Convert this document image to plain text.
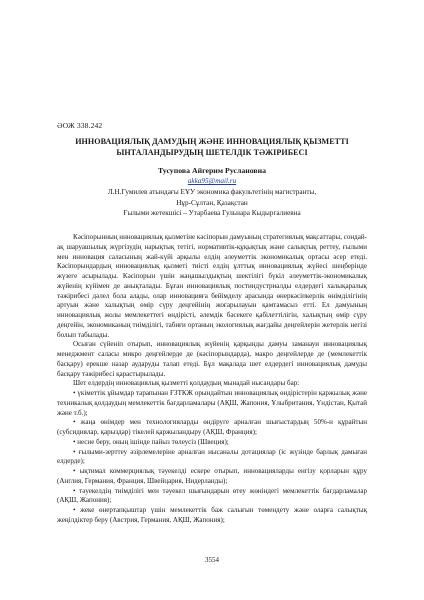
ӘОЖ 338.242
ИННОВАЦИЯЛЫҚ ДАМУДЫҢ ЖӘНЕ ИННОВАЦИЯЛЫҚ ҚЫЗМЕТТІ
ЫНТАЛАНДЫРУДЫҢ ШЕТЕЛДІК ТӘЖІРИБЕСІ
Тусупова Айгерим Руслановна
akka95@mail.ru
Л.Н.Гумилев атындағы ЕҰУ экономика факультетінің магистранты,
Нұр-Сұлтан, Қазақстан
Ғылыми жетекшісі – Утарбаева Гульнара Кыдыргалиевна

Кәсіпорынның инновациялық қызметіне кәсіпорын дамуының стратегиялық мақсаттары, сондай-ақ шаруашылық жүргізудің нарықтық тетігі, нормативтік-құқықтық және салықтық реттеу, ғылыми мен инновация саласының жай-күйі арқылы елдің әлеуметтік экономикалық ортасы әсер етеді. Кәсіпорындардың инновациялық қызметі тиісті елдің ұлттық инновациялық жүйесі шеңберінде жүзеге асырылады. Кәсіпорын үшін жаңашылдықтың шектілігі бүкіл әлеуметтік-экономикалық жүйенің күйімен де анықталады. Бұған инновациялық постиндустриалды елдердегі халықаралық тәжірибесі дәлел бола алады, олар инновацияға бейімделу арасында өнеркәсіпкерлік өнімділігінің артуын және халықтың өмір сүру деңгейінің жоғарылауын қамтамасыз етті. Ел дамуының инновациялық жолы мемлекеттегі өндірісті, әлемдік бәсекеге қабілеттілігін, халықтың өмір сүру деңгейін, экономиканың тиімділігі, табиғи ортаның экологиялық жағдайы деңгейлерін жетерлік негізі болып табылады.

Осыған сүйеніп отырып, инновациялық жүйенің қарқынды дамуы заманауи инновациялық менеджмент саласы микро деңгейлерде де (кәсіпорындарда), макро деңгейлерде де (мемлекеттік басқару) ерекше назар аударуды талап етеді. Бұл мақалада шет елдердегі инновациялық дамуды басқару тәжірибесі қарастырылады.

Шет елдердің инновациялық қызметті қолдаудың мынадай нысандары бар:

• үкіметтік ұйымдар тарапынан ҒЗТКЖ орындайтын инновациялық өндірістерін қаржылық және техникалық қолдаудың мемлекеттік бағдарламалары (АҚШ, Жапония, Ұлыбритания, Үндістан, Қытай және т.б.);

• жаңа өнімдер мен технологияларды өндіруге арналған шығыстардың 50%-н құрайтын (субсидиялар, қарыздар) тікелей қаржыландыру (АҚШ, Франция);

• несие беру, оның ішінде пайыз төлеусіз (Швеция);

• ғылыми-зерттеу әзірлемелеріне арналған нысаналы дотациялар (іс жүзінде барлық дамыған елдерде);

• ықтимал коммерциялық тәуекелді ескере отырып, инновацияларды енгізу қорларын құру (Англия, Германия, Франция, Швейцария, Нидерланды);

• тәуекелдің тиімділігі мен тәуекел шығындарын өтеу жөніндегі мемлекеттік бағдарламалар (АҚШ, Жапония);

• жеке өнертапқыштар үшін мемлекеттік баж салығын төмендету және оларға салықтық жеңілдіктер беру (Австрия, Германия, АҚШ, Жапония);

3554
